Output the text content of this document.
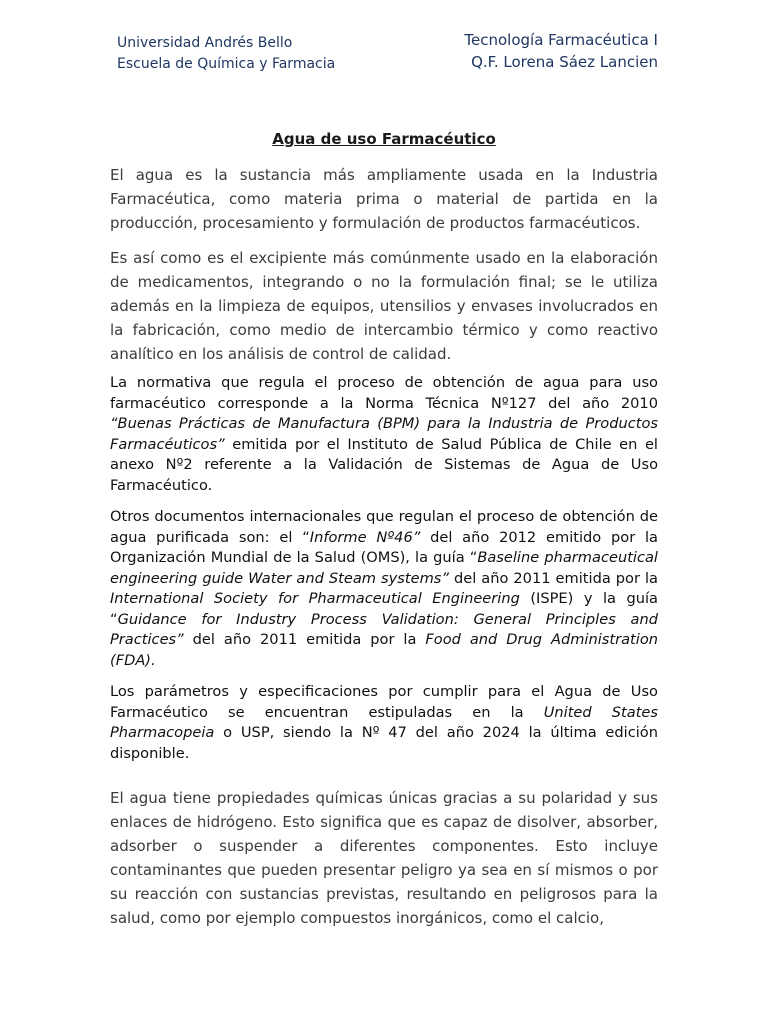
Universidad Andrés Bello
Escuela de Química y Farmacia
Tecnología Farmacéutica I
Q.F. Lorena Sáez Lancien
Agua de uso Farmacéutico

El agua es la sustancia más ampliamente usada en la Industria Farmacéutica, como materia prima o material de partida en la producción, procesamiento y formulación de productos farmacéuticos.

Es así como es el excipiente más comúnmente usado en la elaboración de medicamentos, integrando o no la formulación final; se le utiliza además en la limpieza de equipos, utensilios y envases involucrados en la fabricación, como medio de intercambio térmico y como reactivo analítico en los análisis de control de calidad.

La normativa que regula el proceso de obtención de agua para uso farmacéutico corresponde a la Norma Técnica Nº127 del año 2010 “Buenas Prácticas de Manufactura (BPM) para la Industria de Productos Farmacéuticos” emitida por el Instituto de Salud Pública de Chile en el anexo Nº2 referente a la Validación de Sistemas de Agua de Uso Farmacéutico.

Otros documentos internacionales que regulan el proceso de obtención de agua purificada son: el “Informe Nº46” del año 2012 emitido por la Organización Mundial de la Salud (OMS), la guía “Baseline pharmaceutical engineering guide Water and Steam systems” del año 2011 emitida por la International Society for Pharmaceutical Engineering (ISPE) y la guía “Guidance for Industry Process Validation: General Principles and Practices” del año 2011 emitida por la Food and Drug Administration (FDA).

Los parámetros y especificaciones por cumplir para el Agua de Uso Farmacéutico se encuentran estipuladas en la United States Pharmacopeia o USP, siendo la Nº 47 del año 2024 la última edición disponible.

El agua tiene propiedades químicas únicas gracias a su polaridad y sus enlaces de hidrógeno. Esto significa que es capaz de disolver, absorber, adsorber o suspender a diferentes componentes. Esto incluye contaminantes que pueden presentar peligro ya sea en sí mismos o por su reacción con sustancias previstas, resultando en peligrosos para la salud, como por ejemplo compuestos inorgánicos, como el calcio,
